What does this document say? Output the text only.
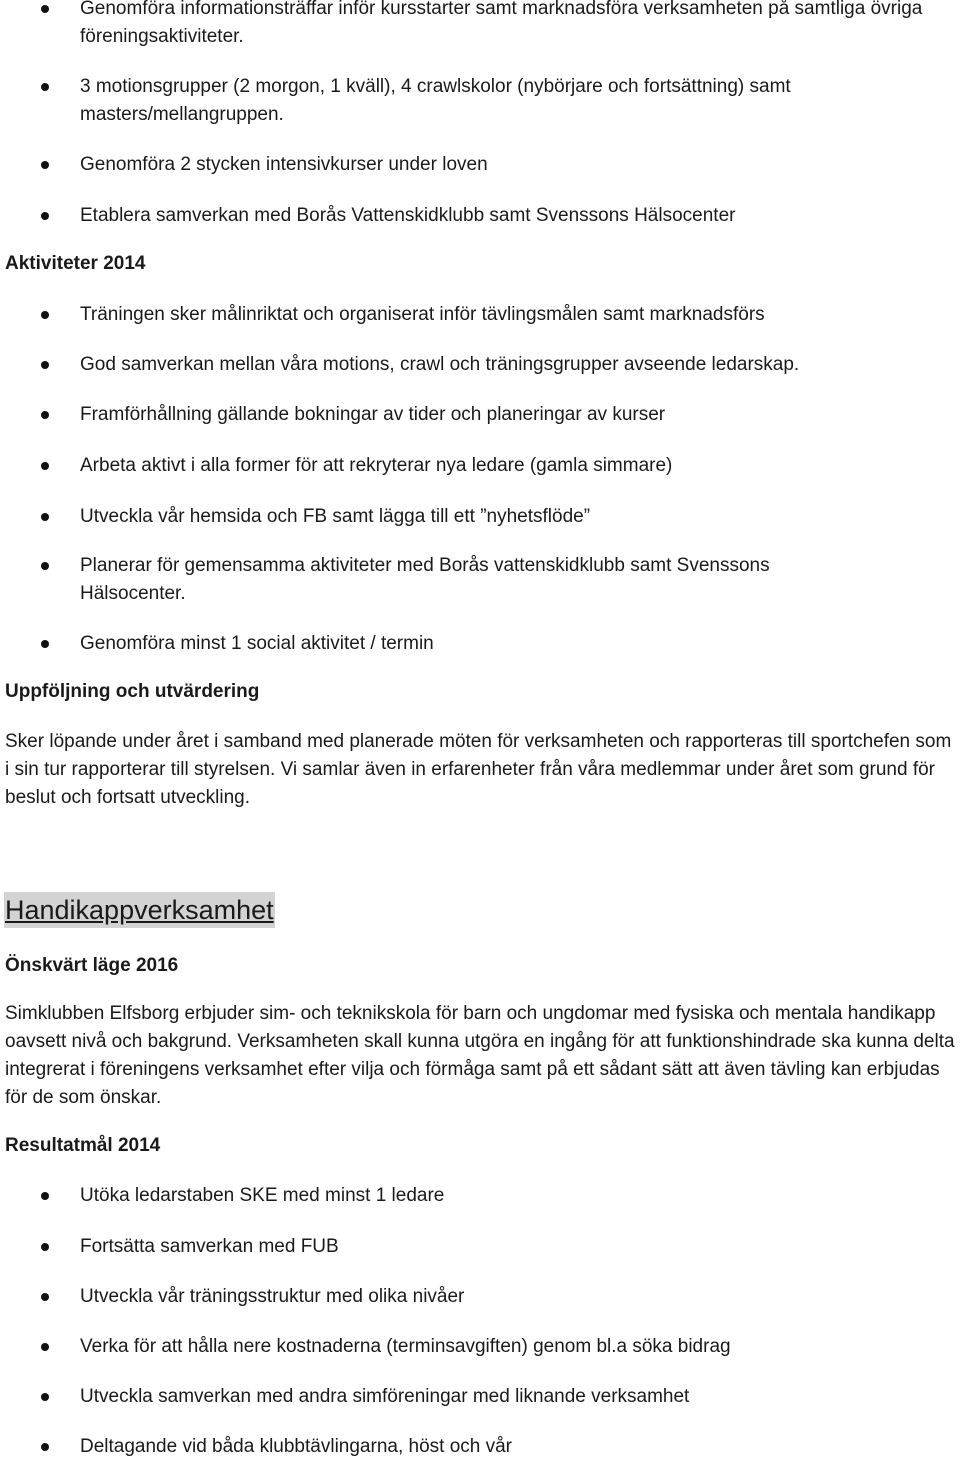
Genomföra informationsträffar inför kursstarter samt marknadsföra verksamheten på samtliga övriga föreningsaktiviteter.
3 motionsgrupper (2 morgon, 1 kväll), 4 crawlskolor (nybörjare och fortsättning) samt masters/mellangruppen.
Genomföra 2 stycken intensivkurser under loven
Etablera samverkan med Borås Vattenskidklubb samt Svenssons Hälsocenter
Aktiviteter 2014
Träningen sker målinriktat och organiserat inför tävlingsmålen samt marknadsförs
God samverkan mellan våra motions, crawl och träningsgrupper avseende ledarskap.
Framförhållning gällande bokningar av tider och planeringar av kurser
Arbeta aktivt i alla former för att rekryterar nya ledare (gamla simmare)
Utveckla vår hemsida och FB samt lägga till ett ”nyhetsflöde”
Planerar för gemensamma aktiviteter med Borås vattenskidklubb samt Svenssons Hälsocenter.
Genomföra minst 1 social aktivitet / termin
Uppföljning och utvärdering
Sker löpande under året i samband med planerade möten för verksamheten och rapporteras till sportchefen som i sin tur rapporterar till styrelsen. Vi samlar även in erfarenheter från våra medlemmar under året som grund för beslut och fortsatt utveckling.
Handikappverksamhet
Önskvärt läge 2016
Simklubben Elfsborg erbjuder sim- och teknikskola för barn och ungdomar med fysiska och mentala handikapp oavsett nivå och bakgrund. Verksamheten skall kunna utgöra en ingång för att funktionshindrade ska kunna delta integrerat i föreningens verksamhet efter vilja och förmåga samt på ett sådant sätt att även tävling kan erbjudas för de som önskar.
Resultatmål 2014
Utöka ledarstaben SKE med minst 1 ledare
Fortsätta samverkan med FUB
Utveckla vår träningsstruktur med olika nivåer
Verka för att hålla nere kostnaderna (terminsavgiften) genom bl.a söka bidrag
Utveckla samverkan med andra simföreningar med liknande verksamhet
Deltagande vid båda klubbtävlingarna, höst och vår
